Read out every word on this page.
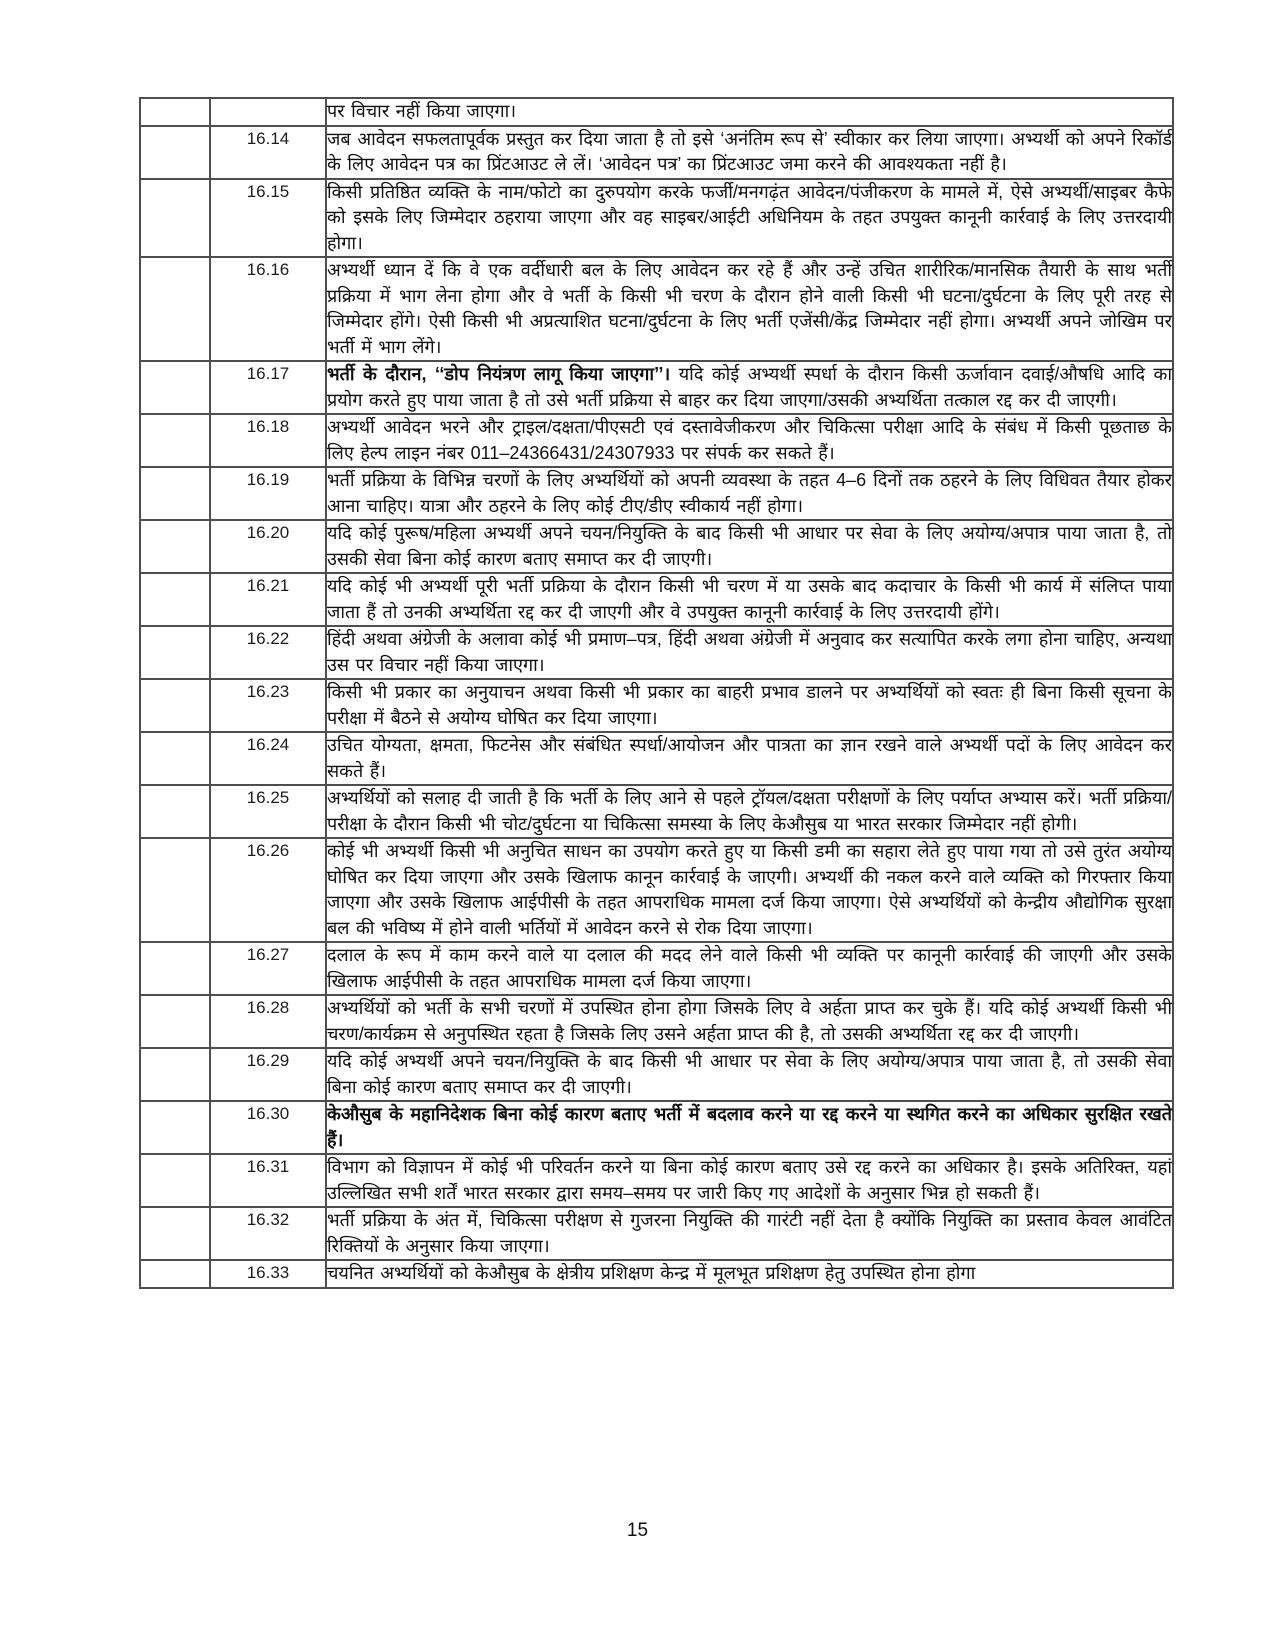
		पर विचार नहीं किया जाएगा।
	16.14	जब आवेदन सफलतापूर्वक प्रस्तुत कर दिया जाता है तो इसे ‘अनंतिम रूप से’ स्वीकार कर लिया जाएगा। अभ्यर्थी को अपने रिकॉर्ड के लिए आवेदन पत्र का प्रिंटआउट ले लें। ‘आवेदन पत्र’ का प्रिंटआउट जमा करने की आवश्यकता नहीं है।
	16.15	किसी प्रतिष्ठित व्यक्ति के नाम/फोटो का दुरुपयोग करके फर्जी/मनगढ़ंत आवेदन/पंजीकरण के मामले में, ऐसे अभ्यर्थी/साइबर कैफे को इसके लिए जिम्मेदार ठहराया जाएगा और वह साइबर/आईटी अधिनियम के तहत उपयुक्त कानूनी कार्रवाई के लिए उत्तरदायी होगा।
	16.16	अभ्यर्थी ध्यान दें कि वे एक वर्दीधारी बल के लिए आवेदन कर रहे हैं और उन्हें उचित शारीरिक/मानसिक तैयारी के साथ भर्ती प्रक्रिया में भाग लेना होगा और वे भर्ती के किसी भी चरण के दौरान होने वाली किसी भी घटना/दुर्घटना के लिए पूरी तरह से जिम्मेदार होंगे। ऐसी किसी भी अप्रत्याशित घटना/दुर्घटना के लिए भर्ती एजेंसी/केंद्र जिम्मेदार नहीं होगा। अभ्यर्थी अपने जोखिम पर भर्ती में भाग लेंगे।
	16.17	भर्ती के दौरान, ‘‘डोप नियंत्रण लागू किया जाएगा’’। यदि कोई अभ्यर्थी स्पर्धा के दौरान किसी ऊर्जावान दवाई/औषधि आदि का प्रयोग करते हुए पाया जाता है तो उसे भर्ती प्रक्रिया से बाहर कर दिया जाएगा/उसकी अभ्यर्थिता तत्काल रद्द कर दी जाएगी।
	16.18	अभ्यर्थी आवेदन भरने और ट्राइल/दक्षता/पीएसटी एवं दस्तावेजीकरण और चिकित्सा परीक्षा आदि के संबंध में किसी पूछताछ के लिए हेल्प लाइन नंबर 011–24366431/24307933 पर संपर्क कर सकते हैं।
	16.19	भर्ती प्रक्रिया के विभिन्न चरणों के लिए अभ्यर्थियों को अपनी व्यवस्था के तहत 4–6 दिनों तक ठहरने के लिए विधिवत तैयार होकर आना चाहिए। यात्रा और ठहरने के लिए कोई टीए/डीए स्वीकार्य नहीं होगा।
	16.20	यदि कोई पुरूष/महिला अभ्यर्थी अपने चयन/नियुक्ति के बाद किसी भी आधार पर सेवा के लिए अयोग्य/अपात्र पाया जाता है, तो उसकी सेवा बिना कोई कारण बताए समाप्त कर दी जाएगी।
	16.21	यदि कोई भी अभ्यर्थी पूरी भर्ती प्रक्रिया के दौरान किसी भी चरण में या उसके बाद कदाचार के किसी भी कार्य में संलिप्त पाया जाता हैं तो उनकी अभ्यर्थिता रद्द कर दी जाएगी और वे उपयुक्त कानूनी कार्रवाई के लिए उत्तरदायी होंगे।
	16.22	हिंदी अथवा अंग्रेजी के अलावा कोई भी प्रमाण–पत्र, हिंदी अथवा अंग्रेजी में अनुवाद कर सत्यापित करके लगा होना चाहिए, अन्यथा उस पर विचार नहीं किया जाएगा।
	16.23	किसी भी प्रकार का अनुयाचन अथवा किसी भी प्रकार का बाहरी प्रभाव डालने पर अभ्यर्थियों को स्वतः ही बिना किसी सूचना के परीक्षा में बैठने से अयोग्य घोषित कर दिया जाएगा।
	16.24	उचित योग्यता, क्षमता, फिटनेस और संबंधित स्पर्धा/आयोजन और पात्रता का ज्ञान रखने वाले अभ्यर्थी पदों के लिए आवेदन कर सकते हैं।
	16.25	अभ्यर्थियों को सलाह दी जाती है कि भर्ती के लिए आने से पहले ट्रॉयल/दक्षता परीक्षणों के लिए पर्याप्त अभ्यास करें। भर्ती प्रक्रिया/परीक्षा के दौरान किसी भी चोट/दुर्घटना या चिकित्सा समस्या के लिए केऔसुब या भारत सरकार जिम्मेदार नहीं होगी।
	16.26	कोई भी अभ्यर्थी किसी भी अनुचित साधन का उपयोग करते हुए या किसी डमी का सहारा लेते हुए पाया गया तो उसे तुरंत अयोग्य घोषित कर दिया जाएगा और उसके खिलाफ कानून कार्रवाई के जाएगी। अभ्यर्थी की नकल करने वाले व्यक्ति को गिरफ्तार किया जाएगा और उसके खिलाफ आईपीसी के तहत आपराधिक मामला दर्ज किया जाएगा। ऐसे अभ्यर्थियों को केन्द्रीय औद्योगिक सुरक्षा बल की भविष्य में होने वाली भर्तियों में आवेदन करने से रोक दिया जाएगा।
	16.27	दलाल के रूप में काम करने वाले या दलाल की मदद लेने वाले किसी भी व्यक्ति पर कानूनी कार्रवाई की जाएगी और उसके खिलाफ आईपीसी के तहत आपराधिक मामला दर्ज किया जाएगा।
	16.28	अभ्यर्थियों को भर्ती के सभी चरणों में उपस्थित होना होगा जिसके लिए वे अर्हता प्राप्त कर चुके हैं। यदि कोई अभ्यर्थी किसी भी चरण/कार्यक्रम से अनुपस्थित रहता है जिसके लिए उसने अर्हता प्राप्त की है, तो उसकी अभ्यर्थिता रद्द कर दी जाएगी।
	16.29	यदि कोई अभ्यर्थी अपने चयन/नियुक्ति के बाद किसी भी आधार पर सेवा के लिए अयोग्य/अपात्र पाया जाता है, तो उसकी सेवा बिना कोई कारण बताए समाप्त कर दी जाएगी।
	16.30	केऔसुब के महानिदेशक बिना कोई कारण बताए भर्ती में बदलाव करने या रद्द करने या स्थगित करने का अधिकार सुरक्षित रखते हैं।
	16.31	विभाग को विज्ञापन में कोई भी परिवर्तन करने या बिना कोई कारण बताए उसे रद्द करने का अधिकार है। इसके अतिरिक्त, यहां उल्लिखित सभी शर्तें भारत सरकार द्वारा समय–समय पर जारी किए गए आदेशों के अनुसार भिन्न हो सकती हैं।
	16.32	भर्ती प्रक्रिया के अंत में, चिकित्सा परीक्षण से गुजरना नियुक्ति की गारंटी नहीं देता है क्योंकि नियुक्ति का प्रस्ताव केवल आवंटित रिक्तियों के अनुसार किया जाएगा।
	16.33	चयनित अभ्यर्थियों को केऔसुब के क्षेत्रीय प्रशिक्षण केन्द्र में मूलभूत प्रशिक्षण हेतु उपस्थित होना होगा
15
